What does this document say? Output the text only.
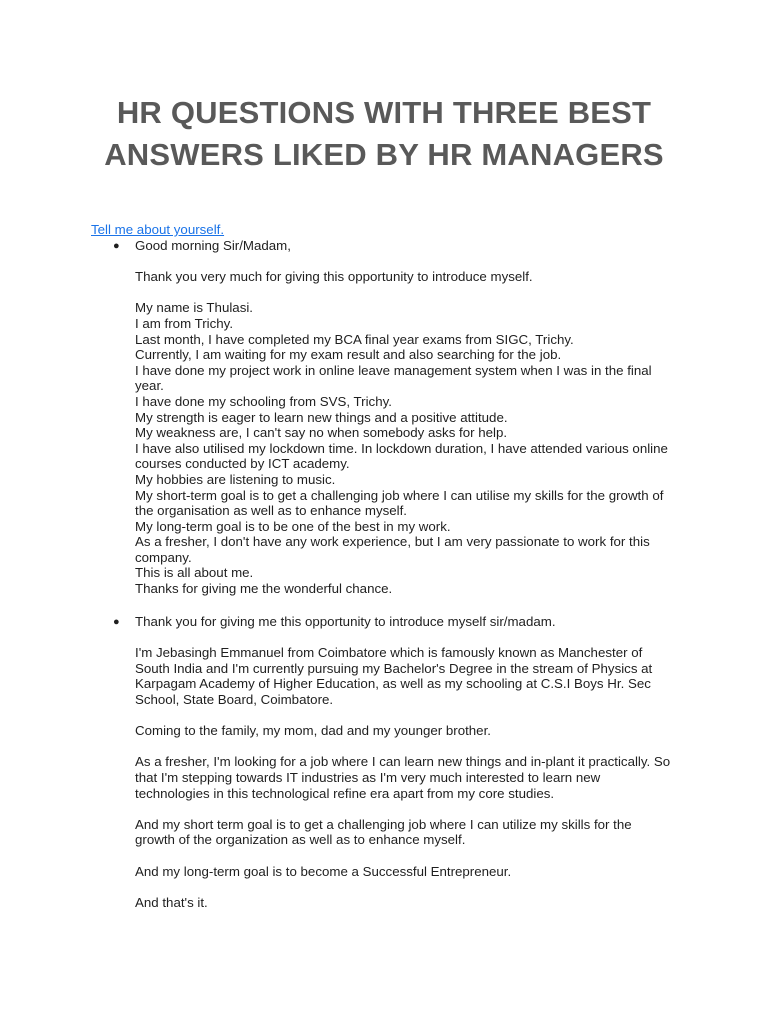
HR QUESTIONS WITH THREE BEST ANSWERS LIKED BY HR MANAGERS
Tell me about yourself.
● Good morning Sir/Madam,

Thank you very much for giving this opportunity to introduce myself.

My name is Thulasi.

I am from Trichy.

Last month, I have completed my BCA final year exams from SIGC, Trichy.

Currently, I am waiting for my exam result and also searching for the job.

I have done my project work in online leave management system when I was in the final year.

I have done my schooling from SVS, Trichy.

My strength is eager to learn new things and a positive attitude.

My weakness are, I can't say no when somebody asks for help.

I have also utilised my lockdown time. In lockdown duration, I have attended various online courses conducted by ICT academy.

My hobbies are listening to music.

My short-term goal is to get a challenging job where I can utilise my skills for the growth of the organisation as well as to enhance myself.

My long-term goal is to be one of the best in my work.

As a fresher, I don't have any work experience, but I am very passionate to work for this company.

This is all about me.

Thanks for giving me the wonderful chance.

● Thank you for giving me this opportunity to introduce myself sir/madam.

I'm Jebasingh Emmanuel from Coimbatore which is famously known as Manchester of South India and I'm currently pursuing my Bachelor's Degree in the stream of Physics at Karpagam Academy of Higher Education, as well as my schooling at C.S.I Boys Hr. Sec School, State Board, Coimbatore.

Coming to the family, my mom, dad and my younger brother.

As a fresher, I'm looking for a job where I can learn new things and in-plant it practically. So that I'm stepping towards IT industries as I'm very much interested to learn new technologies in this technological refine era apart from my core studies.

And my short term goal is to get a challenging job where I can utilize my skills for the growth of the organization as well as to enhance myself.

And my long-term goal is to become a Successful Entrepreneur.

And that's it.
